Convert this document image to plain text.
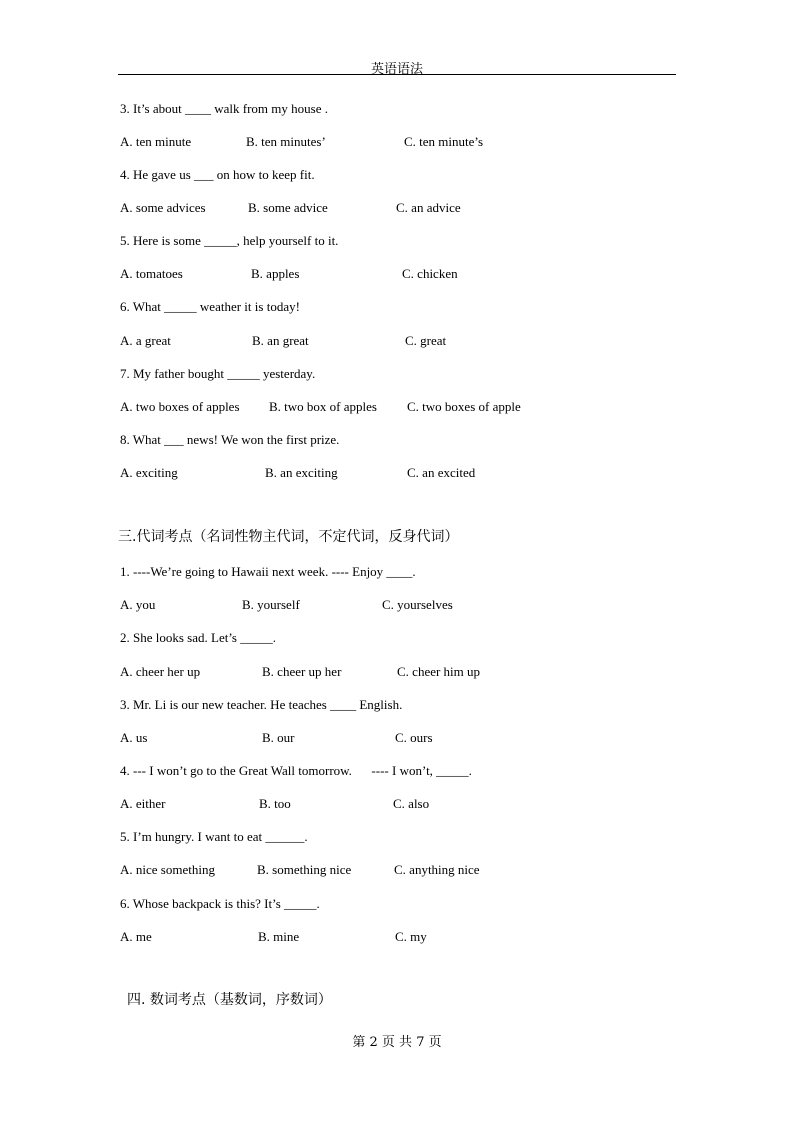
英语语法
3. It’s about ____ walk from my house .
A. ten minute	B. ten minutes’	C. ten minute’s
4. He gave us ___ on how to keep fit.
A. some advices	B. some advice	C. an advice
5. Here is some _____, help yourself to it.
A. tomatoes	B. apples	C. chicken
6. What _____ weather it is today!
A. a great	B. an great	C. great
7. My father bought _____ yesterday.
A. two boxes of apples B. two box of apples C. two boxes of apple
8. What ___ news! We won the first prize.
A. exciting	B. an exciting	C. an excited
三.代词考点（名词性物主代词，不定代词，反身代词）
1. ----We’re going to Hawaii next week. ---- Enjoy ____.
A. you	B. yourself	C. yourselves
2. She looks sad. Let’s _____.
A. cheer her up	B. cheer up her	C. cheer him up
3. Mr. Li is our new teacher. He teaches ____ English.
A. us	B. our	C. ours
4. --- I won’t go to the Great Wall tomorrow.      ---- I won’t, _____.
A. either	B. too	C. also
5. I’m hungry. I want to eat ______.
A. nice something	B. something nice	C. anything nice
6. Whose backpack is this? It’s _____.
A. me	B. mine	C. my
四. 数词考点（基数词，序数词）
第 2 页 共 7 页
